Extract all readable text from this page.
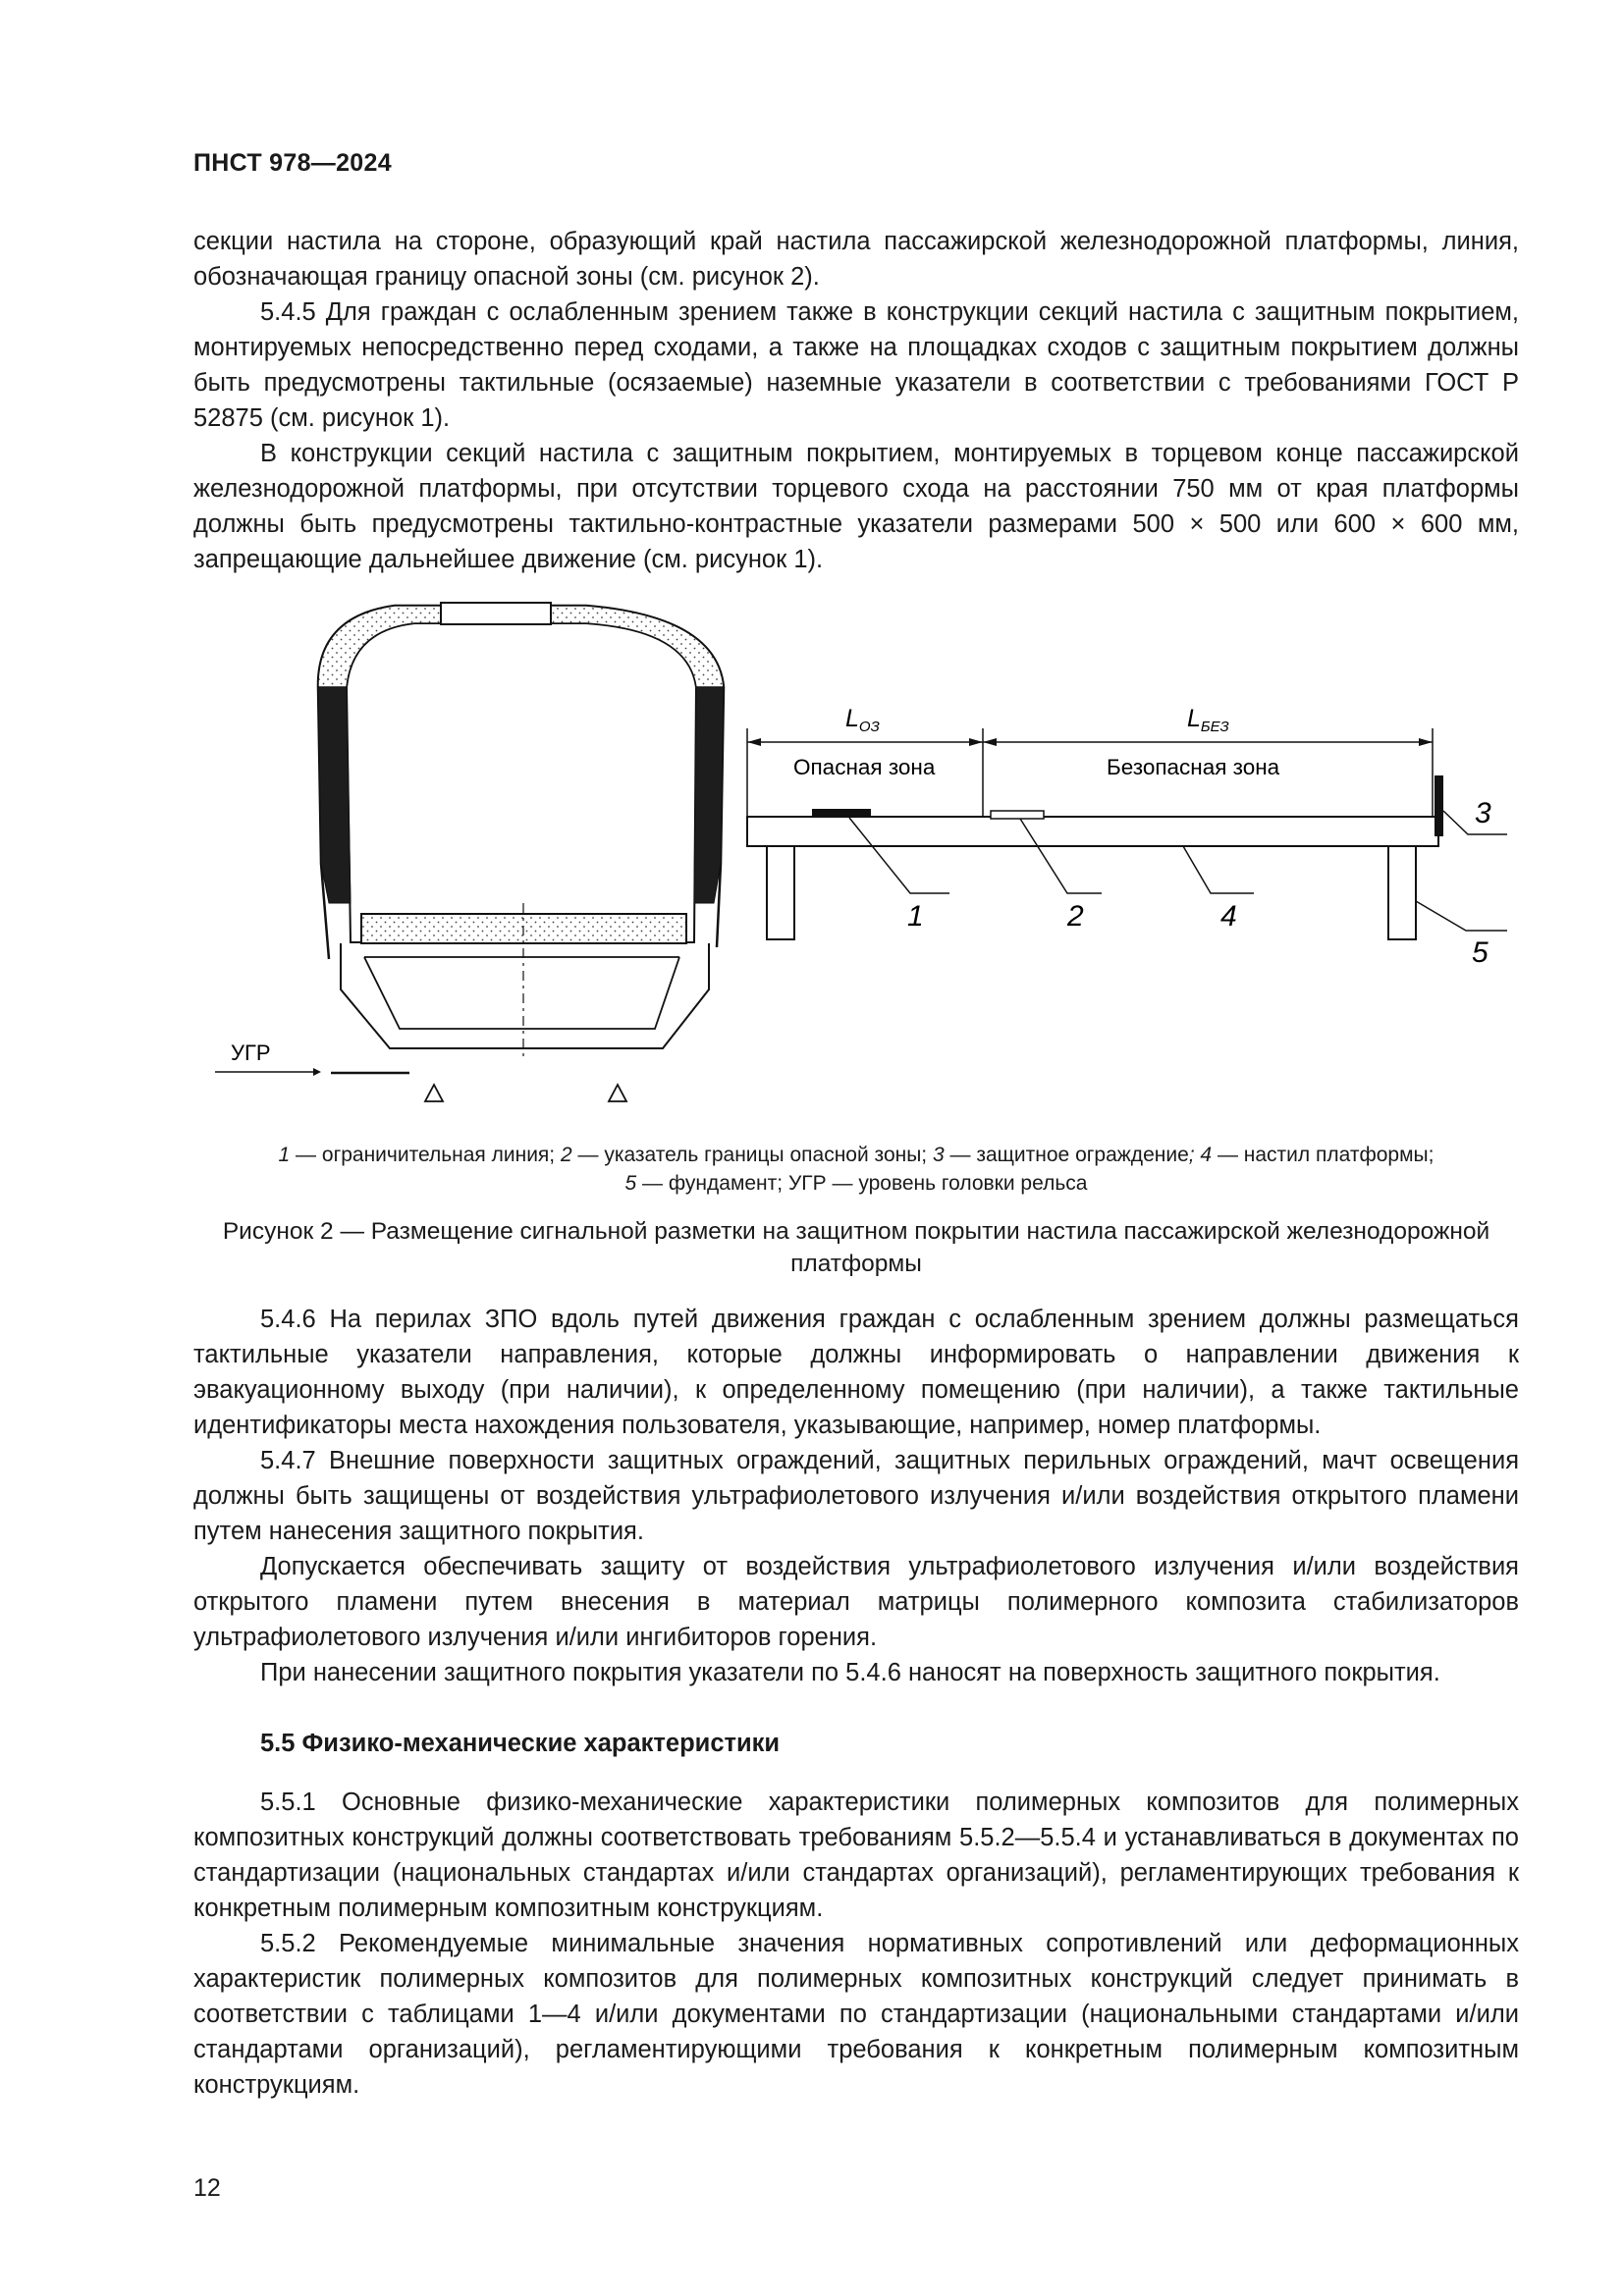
ПНСТ 978—2024

секции настила на стороне, образующий край настила пассажирской железнодорожной платформы, линия, обозначающая границу опасной зоны (см. рисунок 2).

5.4.5 Для граждан с ослабленным зрением также в конструкции секций настила с защитным покрытием, монтируемых непосредственно перед сходами, а также на площадках сходов с защитным покрытием должны быть предусмотрены тактильные (осязаемые) наземные указатели в соответствии с требованиями ГОСТ Р 52875 (см. рисунок 1).

В конструкции секций настила с защитным покрытием, монтируемых в торцевом конце пассажирской железнодорожной платформы, при отсутствии торцевого схода на расстоянии 750 мм от края платформы должны быть предусмотрены тактильно-контрастные указатели размерами 500 × 500 или 600 × 600 мм, запрещающие дальнейшее движение (см. рисунок 1).

УГР
$L_{ОЗ}$	$L_{БЕЗ}$
Опасная зона	Безопасная зона
1	2
3
4
5
1 — ограничительная линия; 2 — указатель границы опасной зоны; 3 — защитное ограждение; 4 — настил платформы;
5 — фундамент; УГР — уровень головки рельса
Рисунок 2 — Размещение сигнальной разметки на защитном покрытии настила пассажирской железнодорожной платформы

5.4.6 На перилах ЗПО вдоль путей движения граждан с ослабленным зрением должны размещаться тактильные указатели направления, которые должны информировать о направлении движения к эвакуационному выходу (при наличии), к определенному помещению (при наличии), а также тактильные идентификаторы места нахождения пользователя, указывающие, например, номер платформы.

5.4.7 Внешние поверхности защитных ограждений, защитных перильных ограждений, мачт освещения должны быть защищены от воздействия ультрафиолетового излучения и/или воздействия открытого пламени путем нанесения защитного покрытия.

Допускается обеспечивать защиту от воздействия ультрафиолетового излучения и/или воздействия открытого пламени путем внесения в материал матрицы полимерного композита стабилизаторов ультрафиолетового излучения и/или ингибиторов горения.

При нанесении защитного покрытия указатели по 5.4.6 наносят на поверхность защитного покрытия.

5.5 Физико-механические характеристики

5.5.1 Основные физико-механические характеристики полимерных композитов для полимерных композитных конструкций должны соответствовать требованиям 5.5.2—5.5.4 и устанавливаться в документах по стандартизации (национальных стандартах и/или стандартах организаций), регламентирующих требования к конкретным полимерным композитным конструкциям.

5.5.2 Рекомендуемые минимальные значения нормативных сопротивлений или деформационных характеристик полимерных композитов для полимерных композитных конструкций следует принимать в соответствии с таблицами 1—4 и/или документами по стандартизации (национальными стандартами и/или стандартами организаций), регламентирующими требования к конкретным полимерным композитным конструкциям.

12
